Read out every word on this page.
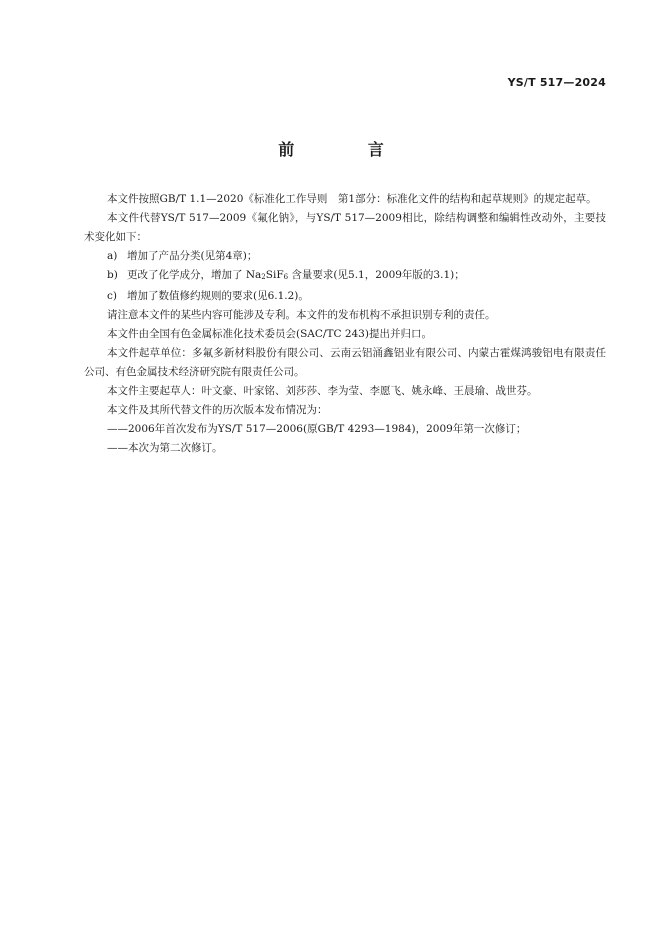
YS/T 517—2024
前 言

本文件按照GB/T 1.1—2020《标准化工作导则　第1部分：标准化文件的结构和起草规则》的规定起草。

本文件代替YS/T 517—2009《氟化钠》，与YS/T 517—2009相比，除结构调整和编辑性改动外，主要技术变化如下：

a) 增加了产品分类(见第4章)；
b) 更改了化学成分，增加了 Na2SiF6 含量要求(见5.1，2009年版的3.1)；
c) 增加了数值修约规则的要求(见6.1.2)。

请注意本文件的某些内容可能涉及专利。本文件的发布机构不承担识别专利的责任。

本文件由全国有色金属标准化技术委员会(SAC/TC 243)提出并归口。

本文件起草单位：多氟多新材料股份有限公司、云南云铝涌鑫铝业有限公司、内蒙古霍煤鸿骏铝电有限责任公司、有色金属技术经济研究院有限责任公司。

本文件主要起草人：叶文豪、叶家铭、刘莎莎、李为莹、李愿飞、姚永峰、王晨瑜、战世芬。

本文件及其所代替文件的历次版本发布情况为：

——2006年首次发布为YS/T 517—2006(原GB/T 4293—1984)，2009年第一次修订；

——本次为第二次修订。
